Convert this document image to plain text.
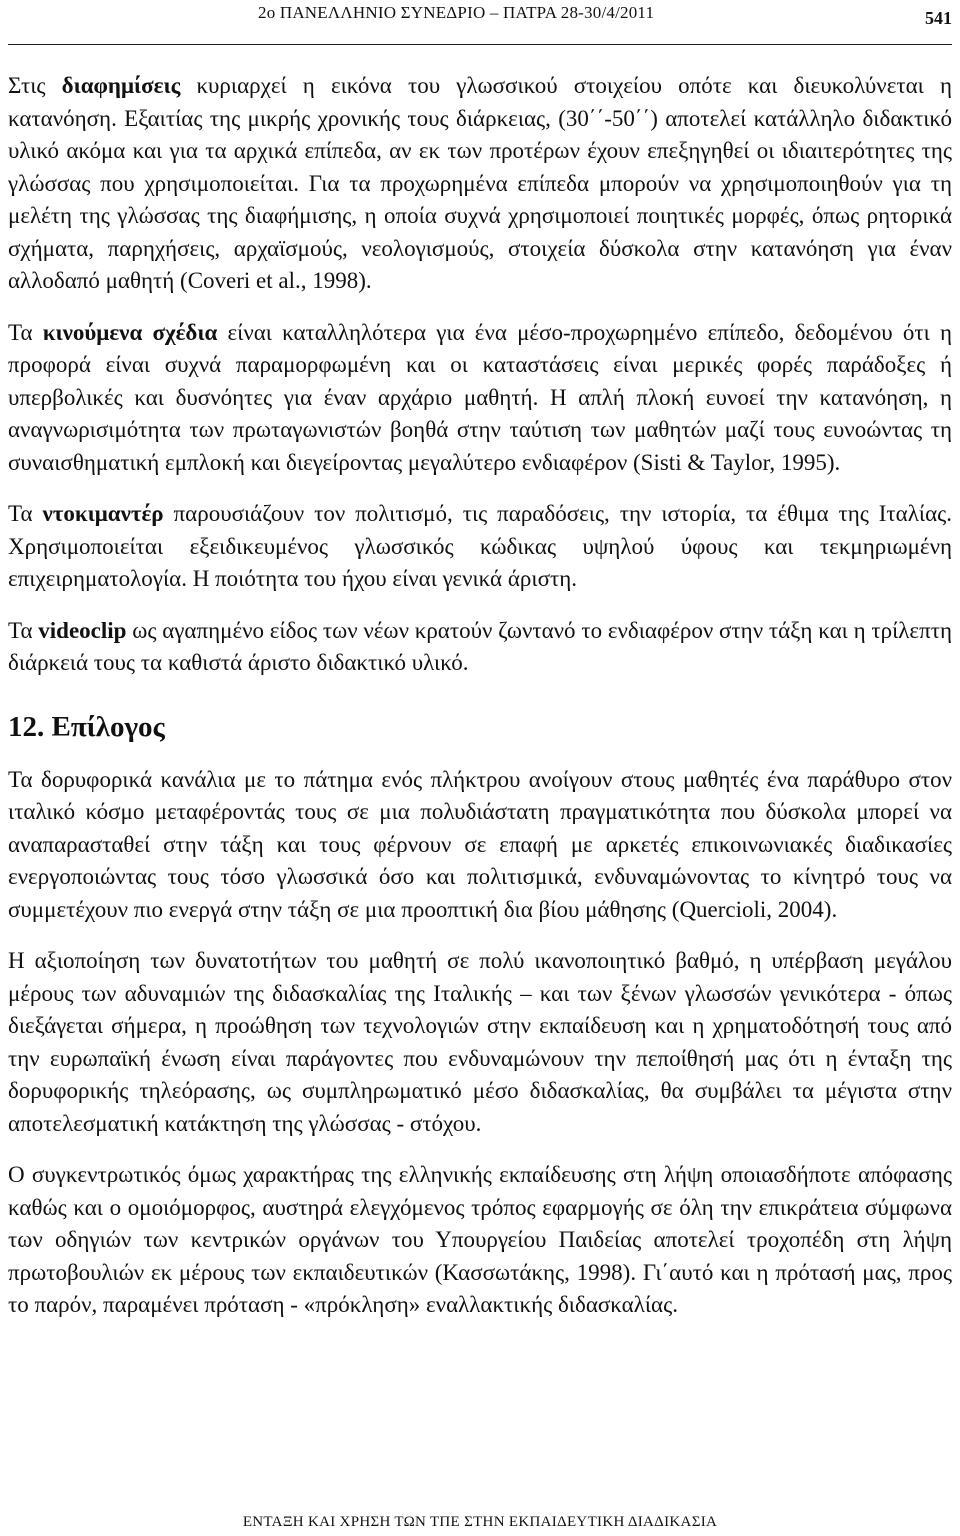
2ο ΠΑΝΕΛΛΗΝΙΟ ΣΥΝΕΔΡΙΟ – ΠΑΤΡΑ 28-30/4/2011	541

Στις διαφημίσεις κυριαρχεί η εικόνα του γλωσσικού στοιχείου οπότε και διευκολύνεται η κατανόηση. Εξαιτίας της μικρής χρονικής τους διάρκειας, (30΄΄-50΄΄) αποτελεί κατάλληλο διδακτικό υλικό ακόμα και για τα αρχικά επίπεδα, αν εκ των προτέρων έχουν επεξηγηθεί οι ιδιαιτερότητες της γλώσσας που χρησιμοποιείται. Για τα προχωρημένα επίπεδα μπορούν να χρησιμοποιηθούν για τη μελέτη της γλώσσας της διαφήμισης, η οποία συχνά χρησιμοποιεί ποιητικές μορφές, όπως ρητορικά σχήματα, παρηχήσεις, αρχαϊσμούς, νεολογισμούς, στοιχεία δύσκολα στην κατανόηση για έναν αλλοδαπό μαθητή (Coveri et al., 1998).

Τα κινούμενα σχέδια είναι καταλληλότερα για ένα μέσο-προχωρημένο επίπεδο, δεδομένου ότι η προφορά είναι συχνά παραμορφωμένη και οι καταστάσεις είναι μερικές φορές παράδοξες ή υπερβολικές και δυσνόητες για έναν αρχάριο μαθητή. Η απλή πλοκή ευνοεί την κατανόηση, η αναγνωρισιμότητα των πρωταγωνιστών βοηθά στην ταύτιση των μαθητών μαζί τους ευνοώντας τη συναισθηματική εμπλοκή και διεγείροντας μεγαλύτερο ενδιαφέρον (Sisti & Taylor, 1995).

Τα ντοκιμαντέρ παρουσιάζουν τον πολιτισμό, τις παραδόσεις, την ιστορία, τα έθιμα της Ιταλίας. Χρησιμοποιείται εξειδικευμένος γλωσσικός κώδικας υψηλού ύφους και τεκμηριωμένη επιχειρηματολογία. Η ποιότητα του ήχου είναι γενικά άριστη.

Τα videoclip ως αγαπημένο είδος των νέων κρατούν ζωντανό το ενδιαφέρον στην τάξη και η τρίλεπτη διάρκειά τους τα καθιστά άριστο διδακτικό υλικό.

12. Επίλογος

Τα δορυφορικά κανάλια με το πάτημα ενός πλήκτρου ανοίγουν στους μαθητές ένα παράθυρο στον ιταλικό κόσμο μεταφέροντάς τους σε μια πολυδιάστατη πραγματικότητα που δύσκολα μπορεί να αναπαρασταθεί στην τάξη και τους φέρνουν σε επαφή με αρκετές επικοινωνιακές διαδικασίες ενεργοποιώντας τους τόσο γλωσσικά όσο και πολιτισμικά, ενδυναμώνοντας το κίνητρό τους να συμμετέχουν πιο ενεργά στην τάξη σε μια προοπτική δια βίου μάθησης (Quercioli, 2004).

Η αξιοποίηση των δυνατοτήτων του μαθητή σε πολύ ικανοποιητικό βαθμό, η υπέρβαση μεγάλου μέρους των αδυναμιών της διδασκαλίας της Ιταλικής – και των ξένων γλωσσών γενικότερα - όπως διεξάγεται σήμερα, η προώθηση των τεχνολογιών στην εκπαίδευση και η χρηματοδότησή τους από την ευρωπαϊκή ένωση είναι παράγοντες που ενδυναμώνουν την πεποίθησή μας ότι η ένταξη της δορυφορικής τηλεόρασης, ως συμπληρωματικό μέσο διδασκαλίας, θα συμβάλει τα μέγιστα στην αποτελεσματική κατάκτηση της γλώσσας - στόχου.

Ο συγκεντρωτικός όμως χαρακτήρας της ελληνικής εκπαίδευσης στη λήψη οποιασδήποτε απόφασης καθώς και ο ομοιόμορφος, αυστηρά ελεγχόμενος τρόπος εφαρμογής σε όλη την επικράτεια σύμφωνα των οδηγιών των κεντρικών οργάνων του Υπουργείου Παιδείας αποτελεί τροχοπέδη στη λήψη πρωτοβουλιών εκ μέρους των εκπαιδευτικών (Κασσωτάκης, 1998). Γι΄αυτό και η πρότασή μας, προς το παρόν, παραμένει πρόταση - «πρόκληση» εναλλακτικής διδασκαλίας.

ΕΝΤΑΞΗ ΚΑΙ ΧΡΗΣΗ ΤΩΝ ΤΠΕ ΣΤΗΝ ΕΚΠΑΙΔΕΥΤΙΚΗ ΔΙΑΔΙΚΑΣΙΑ
